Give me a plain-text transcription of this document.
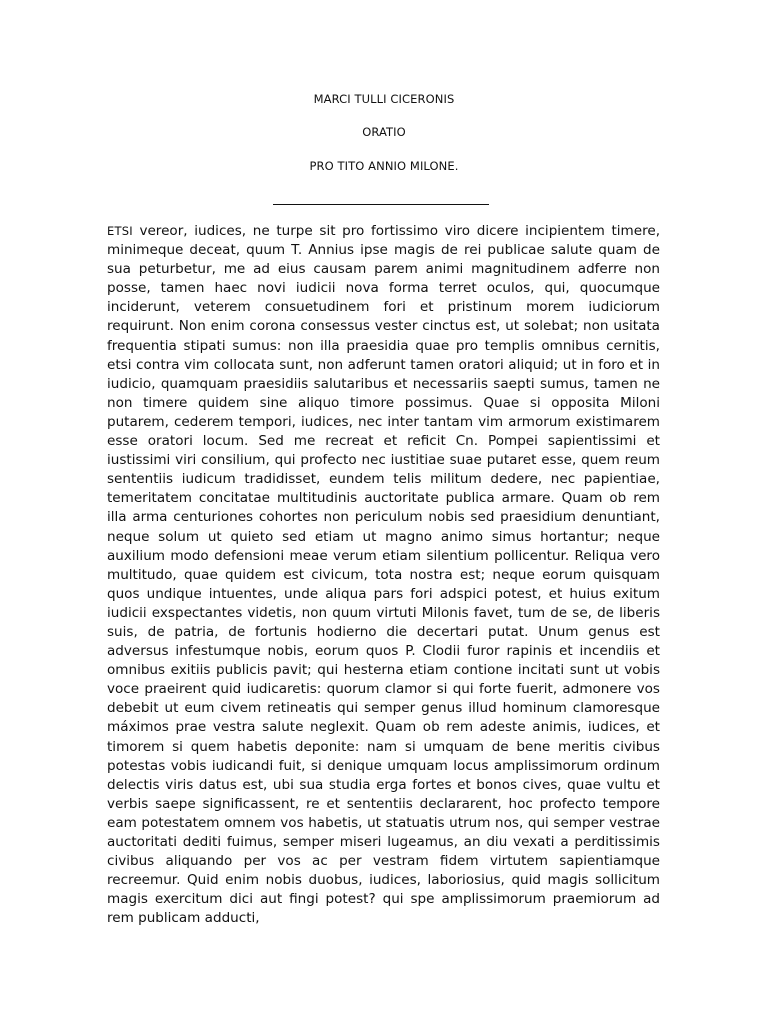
MARCI TULLI CICERONIS
ORATIO
PRO TITO ANNIO MILONE.

ETSI vereor, iudices, ne turpe sit pro fortissimo viro dicere incipientem timere, minimeque deceat, quum T. Annius ipse magis de rei publicae salute quam de sua peturbetur, me ad eius causam parem animi magnitudinem adferre non posse, tamen haec novi iudicii nova forma terret oculos, qui, quocumque inciderunt, veterem consuetudinem fori et pristinum morem iudiciorum requirunt. Non enim corona consessus vester cinctus est, ut solebat; non usitata frequentia stipati sumus: non illa praesidia quae pro templis omnibus cernitis, etsi contra vim collocata sunt, non adferunt tamen oratori aliquid; ut in foro et in iudicio, quamquam praesidiis salutaribus et necessariis saepti sumus, tamen ne non timere quidem sine aliquo timore possimus. Quae si opposita Miloni putarem, cederem tempori, iudices, nec inter tantam vim armorum existimarem esse oratori locum. Sed me recreat et reficit Cn. Pompei sapientissimi et iustissimi viri consilium, qui profecto nec iustitiae suae putaret esse, quem reum sententiis iudicum tradidisset, eundem telis militum dedere, nec papientiae, temeritatem concitatae multitudinis auctoritate publica armare. Quam ob rem illa arma centuriones cohortes non periculum nobis sed praesidium denuntiant, neque solum ut quieto sed etiam ut magno animo simus hortantur; neque auxilium modo defensioni meae verum etiam silentium pollicentur. Reliqua vero multitudo, quae quidem est civicum, tota nostra est; neque eorum quisquam quos undique intuentes, unde aliqua pars fori adspici potest, et huius exitum iudicii exspectantes videtis, non quum virtuti Milonis favet, tum de se, de liberis suis, de patria, de fortunis hodierno die decertari putat. Unum genus est adversus infestumque nobis, eorum quos P. Clodii furor rapinis et incendiis et omnibus exitiis publicis pavit; qui hesterna etiam contione incitati sunt ut vobis voce praeirent quid iudicaretis: quorum clamor si qui forte fuerit, admonere vos debebit ut eum civem retineatis qui semper genus illud hominum clamoresque máximos prae vestra salute neglexit. Quam ob rem adeste animis, iudices, et timorem si quem habetis deponite: nam si umquam de bene meritis civibus potestas vobis iudicandi fuit, si denique umquam locus amplissimorum ordinum delectis viris datus est, ubi sua studia erga fortes et bonos cives, quae vultu et verbis saepe significassent, re et sententiis declararent, hoc profecto tempore eam potestatem omnem vos habetis, ut statuatis utrum nos, qui semper vestrae auctoritati dediti fuimus, semper miseri lugeamus, an diu vexati a perditissimis civibus aliquando per vos ac per vestram fidem virtutem sapientiamque recreemur. Quid enim nobis duobus, iudices, laboriosius, quid magis sollicitum magis exercitum dici aut fingi potest? qui spe amplissimorum praemiorum ad rem publicam adducti,
